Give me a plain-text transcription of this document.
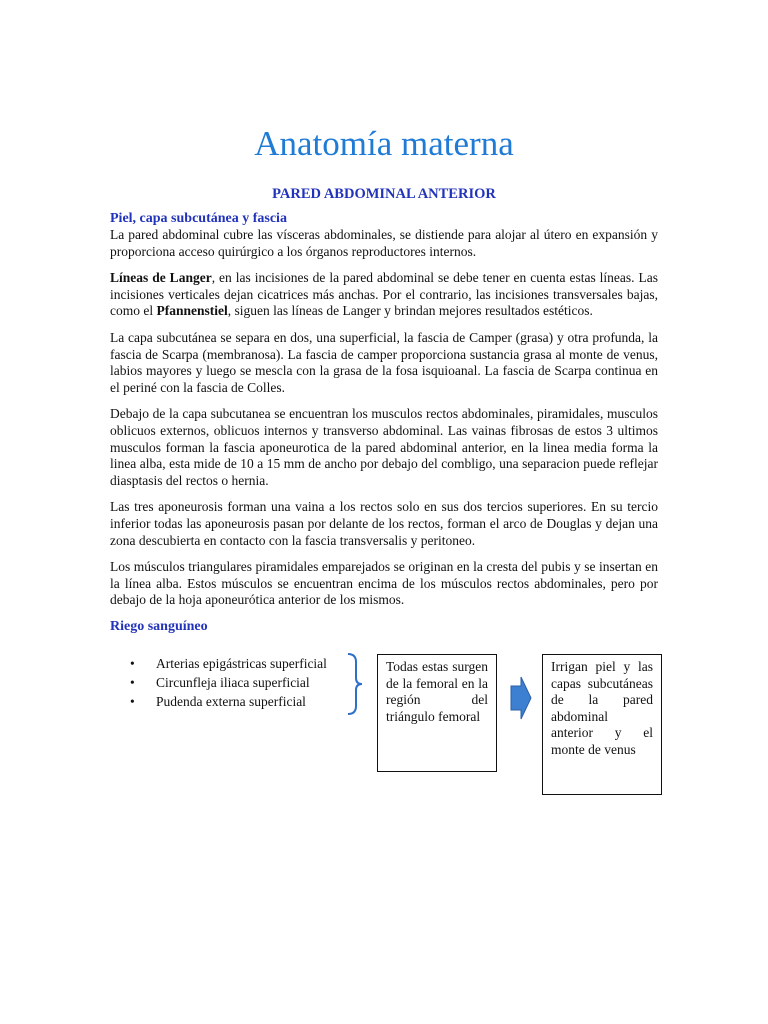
Anatomía materna
PARED ABDOMINAL ANTERIOR
Piel, capa subcutánea y fascia

La pared abdominal cubre las vísceras abdominales, se distiende para alojar al útero en expansión y proporciona acceso quirúrgico a los órganos reproductores internos.

Líneas de Langer, en las incisiones de la pared abdominal se debe tener en cuenta estas líneas. Las incisiones verticales dejan cicatrices más anchas. Por el contrario, las incisiones transversales bajas, como el Pfannenstiel, siguen las líneas de Langer y brindan mejores resultados estéticos.

La capa subcutánea se separa en dos, una superficial, la fascia de Camper (grasa) y otra profunda, la fascia de Scarpa (membranosa). La fascia de camper proporciona sustancia grasa al monte de venus, labios mayores y luego se mescla con la grasa de la fosa isquioanal. La fascia de Scarpa continua en el periné con la fascia de Colles.

Debajo de la capa subcutanea se encuentran los musculos rectos abdominales, piramidales, musculos oblicuos externos, oblicuos internos y transverso abdominal. Las vainas fibrosas de estos 3 ultimos musculos forman la fascia aponeurotica de la pared abdominal anterior, en la linea media forma la linea alba, esta mide de 10 a 15 mm de ancho por debajo del combligo, una separacion puede reflejar diasptasis del rectos o hernia.

Las tres aponeurosis forman una vaina a los rectos solo en sus dos tercios superiores. En su tercio inferior todas las aponeurosis pasan por delante de los rectos, forman el arco de Douglas y dejan una zona descubierta en contacto con la fascia transversalis y peritoneo.

Los músculos triangulares piramidales emparejados se originan en la cresta del pubis y se insertan en la línea alba. Estos músculos se encuentran encima de los músculos rectos abdominales, pero por debajo de la hoja aponeurótica anterior de los mismos.

Riego sanguíneo
• Arterias epigástricas superficial
• Circunfleja iliaca superficial
• Pudenda externa superficial
Todas estas surgen de la femoral en la región del triángulo femoral
Irrigan piel y las capas subcutáneas de la pared abdominal anterior y el monte de venus
